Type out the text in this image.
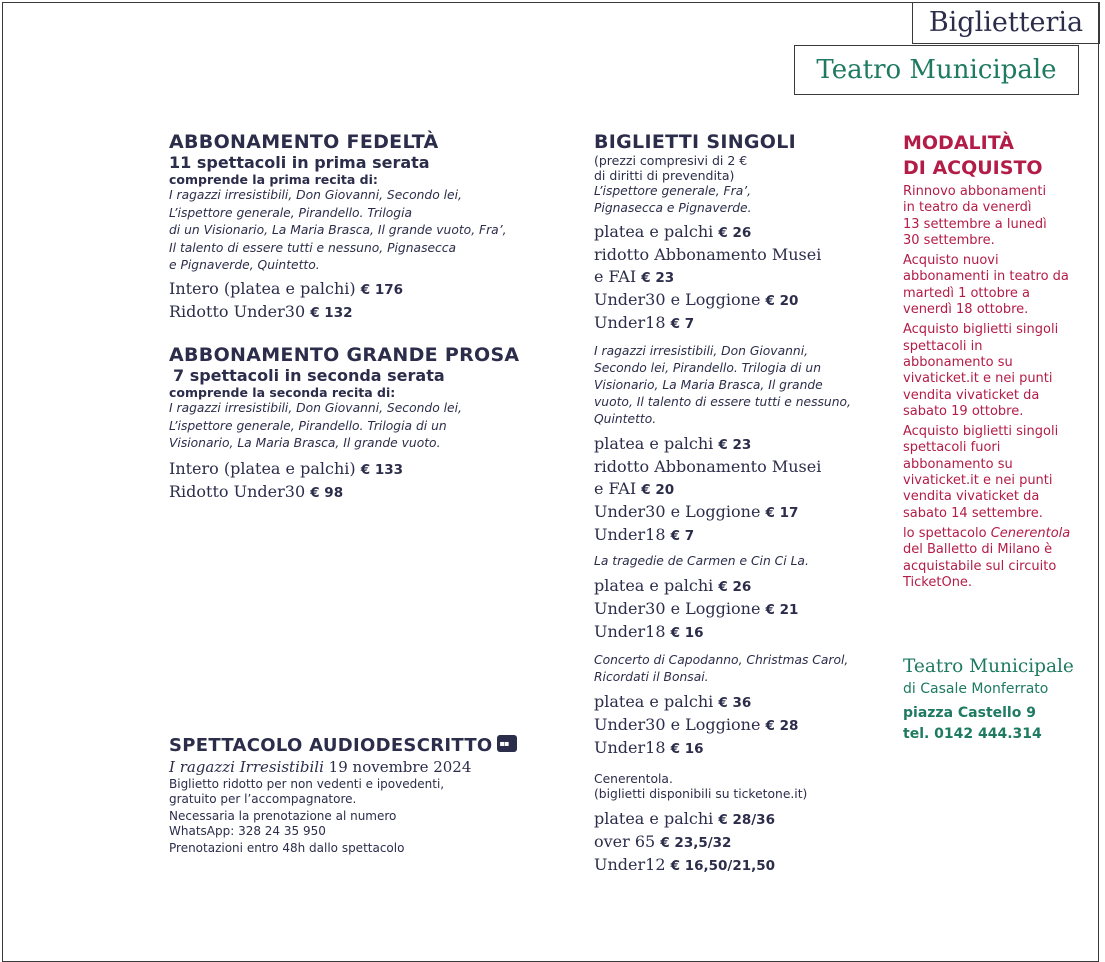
Biglietteria
Teatro Municipale
ABBONAMENTO FEDELTÀ
11 spettacoli in prima serata
comprende la prima recita di:
I ragazzi irresistibili, Don Giovanni, Secondo lei,
L’ispettore generale, Pirandello. Trilogia
di un Visionario, La Maria Brasca, Il grande vuoto, Fra’,
Il talento di essere tutti e nessuno, Pignasecca
e Pignaverde, Quintetto.
Intero (platea e palchi) € 176
Ridotto Under30 € 132
ABBONAMENTO GRANDE PROSA
7 spettacoli in seconda serata
comprende la seconda recita di:
I ragazzi irresistibili, Don Giovanni, Secondo lei,
L’ispettore generale, Pirandello. Trilogia di un
Visionario, La Maria Brasca, Il grande vuoto.
Intero (platea e palchi) € 133
Ridotto Under30 € 98
SPETTACOLO AUDIODESCRITTO ▪▪
I ragazzi Irresistibili 19 novembre 2024
Biglietto ridotto per non vedenti e ipovedenti,
gratuito per l’accompagnatore.
Necessaria la prenotazione al numero
WhatsApp: 328 24 35 950
Prenotazioni entro 48h dallo spettacolo
BIGLIETTI SINGOLI
(prezzi compresivi di 2 €
di diritti di prevendita)
L’ispettore generale, Fra’,
Pignasecca e Pignaverde.
platea e palchi € 26
ridotto Abbonamento Musei
e FAI € 23
Under30 e Loggione € 20
Under18 € 7
I ragazzi irresistibili, Don Giovanni,
Secondo lei, Pirandello. Trilogia di un
Visionario, La Maria Brasca, Il grande
vuoto, Il talento di essere tutti e nessuno,
Quintetto.
platea e palchi € 23
ridotto Abbonamento Musei
e FAI € 20
Under30 e Loggione € 17
Under18 € 7
La tragedie de Carmen e Cin Ci La.
platea e palchi € 26
Under30 e Loggione € 21
Under18 € 16
Concerto di Capodanno, Christmas Carol,
Ricordati il Bonsai.
platea e palchi € 36
Under30 e Loggione € 28
Under18 € 16
Cenerentola.
(biglietti disponibili su ticketone.it)
platea e palchi € 28/36
over 65 € 23,5/32
Under12 € 16,50/21,50
MODALITÀ
DI ACQUISTO
Rinnovo abbonamenti
in teatro da venerdì
13 settembre a lunedì
30 settembre.
Acquisto nuovi
abbonamenti in teatro da
martedì 1 ottobre a
venerdì 18 ottobre.
Acquisto biglietti singoli
spettacoli in
abbonamento su
vivaticket.it e nei punti
vendita vivaticket da
sabato 19 ottobre.
Acquisto biglietti singoli
spettacoli fuori
abbonamento su
vivaticket.it e nei punti
vendita vivaticket da
sabato 14 settembre.
lo spettacolo Cenerentola
del Balletto di Milano è
acquistabile sul circuito
TicketOne.
Teatro Municipale
di Casale Monferrato
piazza Castello 9
tel. 0142 444.314
